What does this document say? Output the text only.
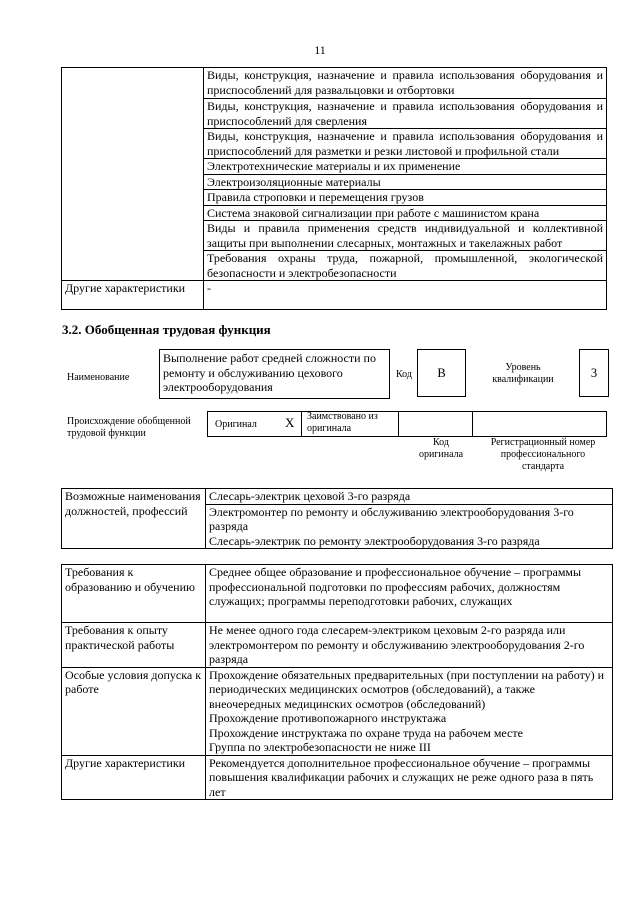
11
	Виды, конструкция, назначение и правила использования оборудования и приспособлений для развальцовки и отбортовки
	Виды, конструкция, назначение и правила использования оборудования и приспособлений для сверления
	Виды, конструкция, назначение и правила использования оборудования и приспособлений для разметки и резки листовой и профильной стали
	Электротехнические материалы и их применение
	Электроизоляционные материалы
	Правила строповки и перемещения грузов
	Система знаковой сигнализации при работе с машинистом крана
	Виды и правила применения средств индивидуальной и коллективной защиты при выполнении слесарных, монтажных и такелажных работ
	Требования охраны труда, пожарной, промышленной, экологической безопасности и электробезопасности
Другие характеристики	-
3.2. Обобщенная трудовая функция
Наименование
Выполнение работ средней сложности по ремонту и обслуживанию цехового электрооборудования
Код	В	Уровень квалификации	3
Происхождение обобщенной трудовой функции
Оригинал X Заимствовано из оригинала
Код оригинала
Регистрационный номер профессионального стандарта
Возможные наименования должностей, профессий	Слесарь-электрик цеховой 3-го разряда
Электромонтер по ремонту и обслуживанию электрооборудования 3-го разряда
Слесарь-электрик по ремонту электрооборудования 3-го разряда
Требования к образованию и обучению	Среднее общее образование и профессиональное обучение – программы профессиональной подготовки по профессиям рабочих, должностям служащих; программы переподготовки рабочих, служащих
Требования к опыту практической работы	Не менее одного года слесарем-электриком цеховым 2-го разряда или электромонтером по ремонту и обслуживанию электрооборудования 2-го разряда
Особые условия допуска к работе	Прохождение обязательных предварительных (при поступлении на работу) и периодических медицинских осмотров (обследований), а также внеочередных медицинских осмотров (обследований)
	Прохождение противопожарного инструктажа
	Прохождение инструктажа по охране труда на рабочем месте
	Группа по электробезопасности не ниже III
Другие характеристики	Рекомендуется дополнительное профессиональное обучение – программы повышения квалификации рабочих и служащих не реже одного раза в пять лет
